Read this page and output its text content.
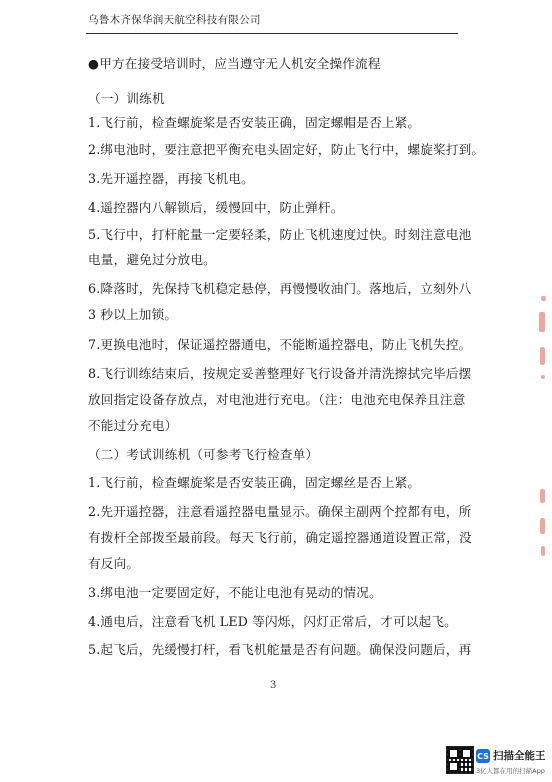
乌鲁木齐保华润天航空科技有限公司
●甲方在接受培训时，应当遵守无人机安全操作流程
（一）训练机
1.飞行前，检查螺旋桨是否安装正确，固定螺帽是否上紧。
2.绑电池时，要注意把平衡充电头固定好，防止飞行中，螺旋桨打到。
3.先开遥控器，再接飞机电。
4.遥控器内八解锁后，缓慢回中，防止弹杆。
5.飞行中，打杆舵量一定要轻柔，防止飞机速度过快。时刻注意电池
电量，避免过分放电。
6.降落时，先保持飞机稳定悬停，再慢慢收油门。落地后，立刻外八
3 秒以上加锁。
7.更换电池时，保证遥控器通电，不能断遥控器电，防止飞机失控。
8.飞行训练结束后，按规定妥善整理好飞行设备并清洗擦拭完毕后摆
放回指定设备存放点，对电池进行充电。（注：电池充电保养且注意
不能过分充电）
（二）考试训练机（可参考飞行检查单）
1.飞行前，检查螺旋桨是否安装正确，固定螺丝是否上紧。
2.先开遥控器，注意看遥控器电量显示。确保主副两个控都有电，所
有拨杆全部拨至最前段。每天飞行前，确定遥控器通道设置正常，没
有反向。
3.绑电池一定要固定好，不能让电池有晃动的情况。
4.通电后，注意看飞机 LED 等闪烁，闪灯正常后，才可以起飞。
5.起飞后，先缓慢打杆，看飞机舵量是否有问题。确保没问题后，再
3
CS 扫描全能王
3亿人都在用的扫描App
